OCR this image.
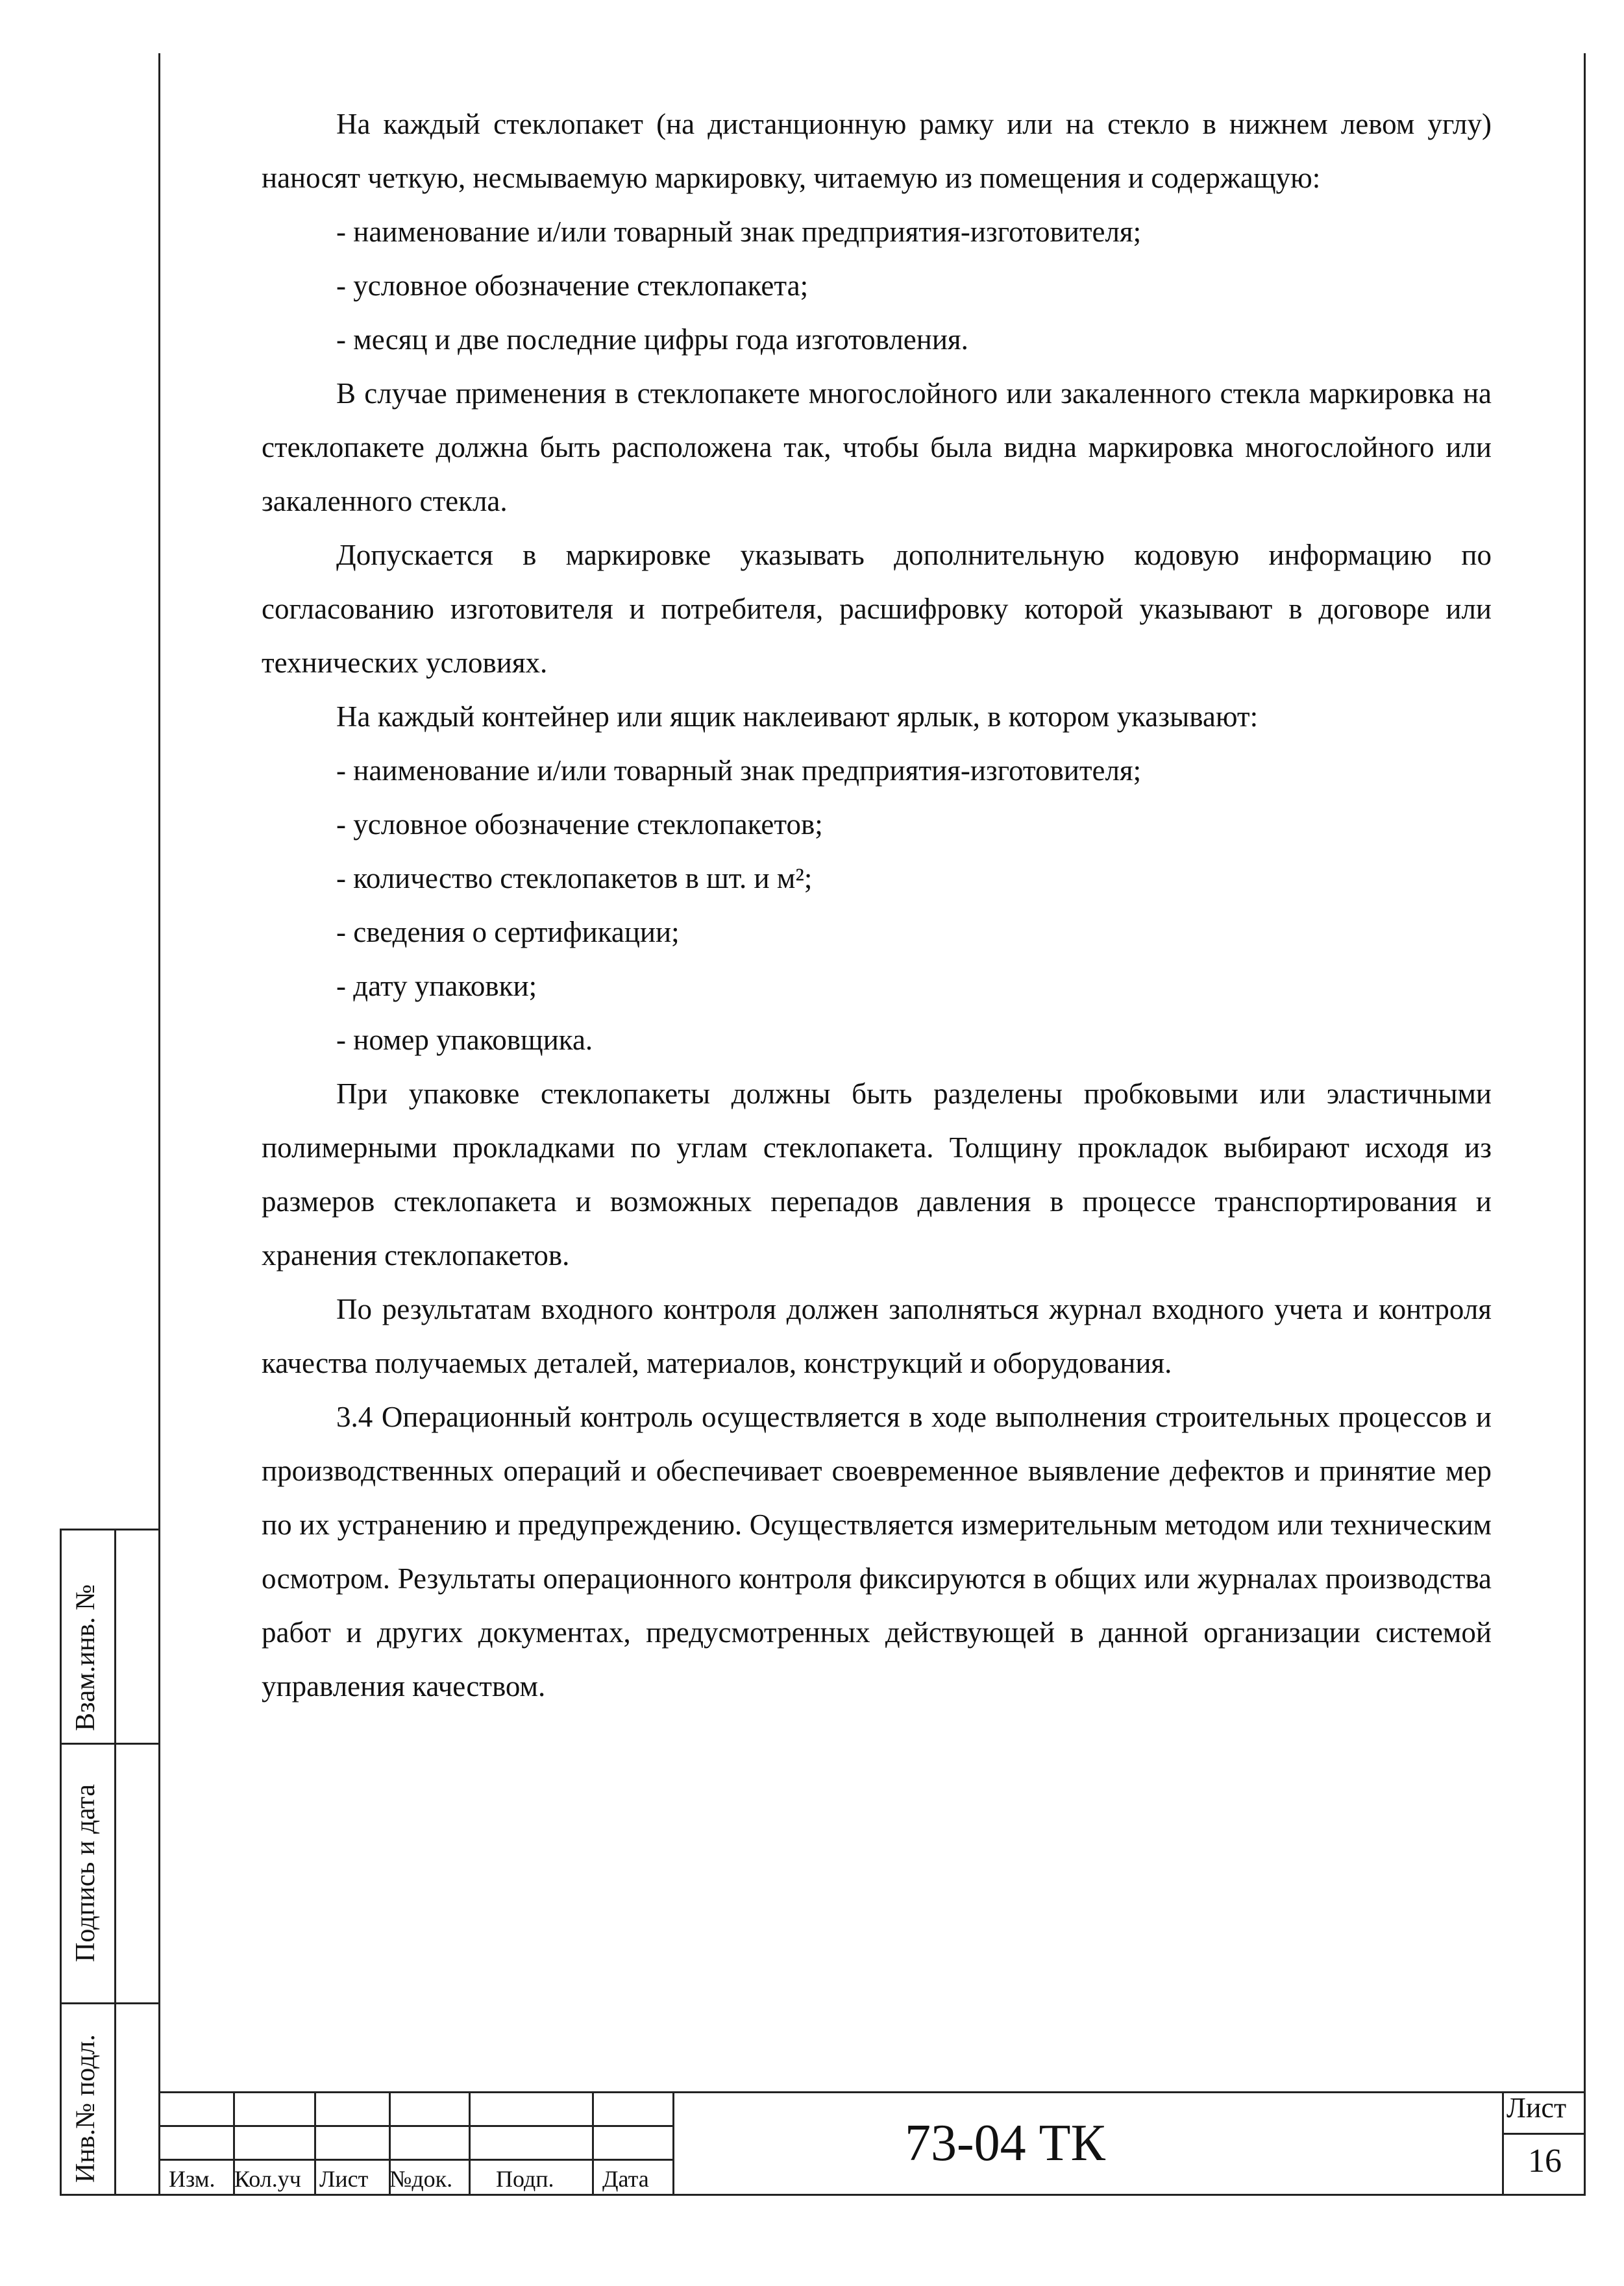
Взам.инв. №
Подпись и дата
Инв.№ подл.

На каждый стеклопакет (на дистанционную рамку или на стекло в нижнем левом углу) наносят четкую, несмываемую маркировку, читаемую из помещения и содержащую:

- наименование и/или товарный знак предприятия-изготовителя;

- условное обозначение стеклопакета;

- месяц и две последние цифры года изготовления.

В случае применения в стеклопакете многослойного или закаленного стекла маркировка на стеклопакете должна быть расположена так, чтобы была видна маркировка многослойного или закаленного стекла.

Допускается в маркировке указывать дополнительную кодовую информацию по согласованию изготовителя и потребителя, расшифровку которой указывают в договоре или технических условиях.

На каждый контейнер или ящик наклеивают ярлык, в котором указывают:

- наименование и/или товарный знак предприятия-изготовителя;

- условное обозначение стеклопакетов;

- количество стеклопакетов в шт. и м²;

- сведения о сертификации;

- дату упаковки;

- номер упаковщика.

При упаковке стеклопакеты должны быть разделены пробковыми или эластичными полимерными прокладками по углам стеклопакета. Толщину прокладок выбирают исходя из размеров стеклопакета и возможных перепадов давления в процессе транспортирования и хранения стеклопакетов.

По результатам входного контроля должен заполняться журнал входного учета и контроля качества получаемых деталей, материалов, конструкций и оборудования.

3.4 Операционный контроль осуществляется в ходе выполнения строительных процессов и производственных операций и обеспечивает своевременное выявление дефектов и принятие мер по их устранению и предупреждению. Осуществляется измерительным методом или техническим осмотром. Результаты операционного контроля фиксируются в общих или журналах производства работ и других документах, предусмотренных действующей в данной организации системой управления качеством.

Изм. Кол.уч Лист №док. Подп. Дата
73-04 ТК
Лист
16
